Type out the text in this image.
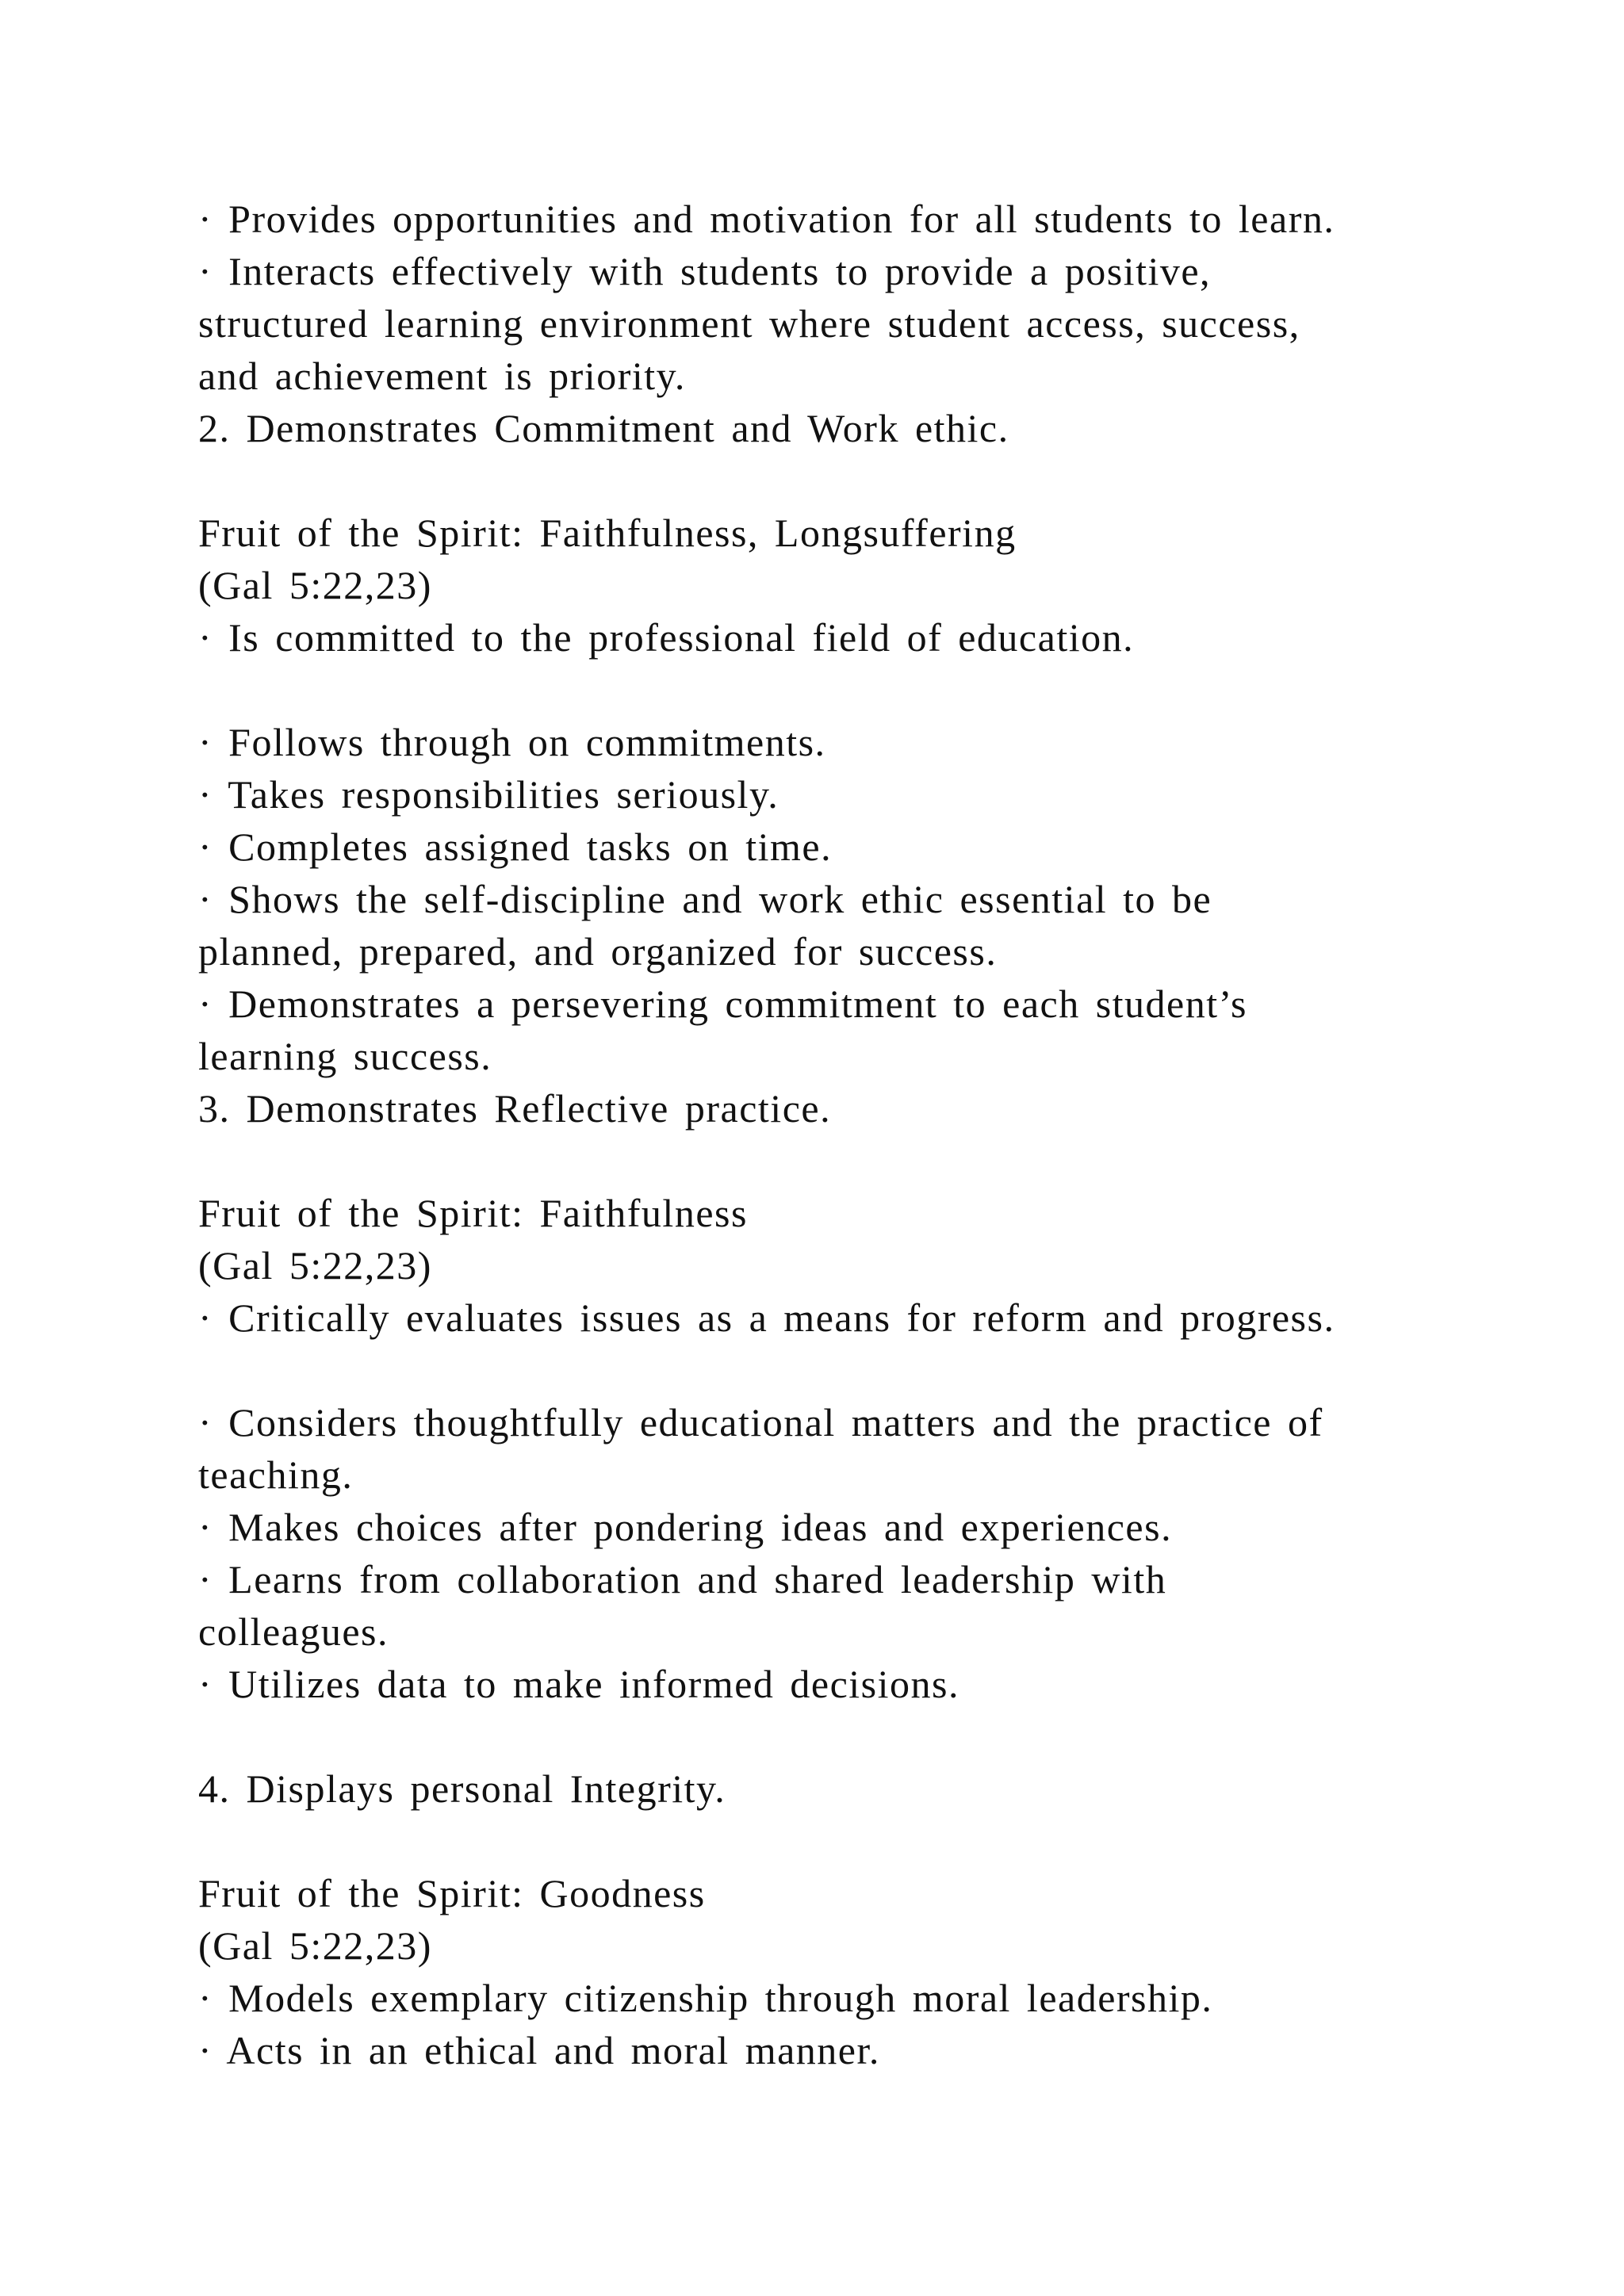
· Provides opportunities and motivation for all students to learn.
· Interacts effectively with students to provide a positive,
structured learning environment where student access, success,
and achievement is priority.
2. Demonstrates Commitment and Work ethic.
Fruit of the Spirit: Faithfulness, Longsuffering
(Gal 5:22,23)
· Is committed to the professional field of education.
· Follows through on commitments.
· Takes responsibilities seriously.
· Completes assigned tasks on time.
· Shows the self-discipline and work ethic essential to be
planned, prepared, and organized for success.
· Demonstrates a persevering commitment to each student’s
learning success.
3. Demonstrates Reflective practice.
Fruit of the Spirit: Faithfulness
(Gal 5:22,23)
· Critically evaluates issues as a means for reform and progress.
· Considers thoughtfully educational matters and the practice of
teaching.
· Makes choices after pondering ideas and experiences.
· Learns from collaboration and shared leadership with
colleagues.
· Utilizes data to make informed decisions.
4. Displays personal Integrity.
Fruit of the Spirit: Goodness
(Gal 5:22,23)
· Models exemplary citizenship through moral leadership.
· Acts in an ethical and moral manner.
